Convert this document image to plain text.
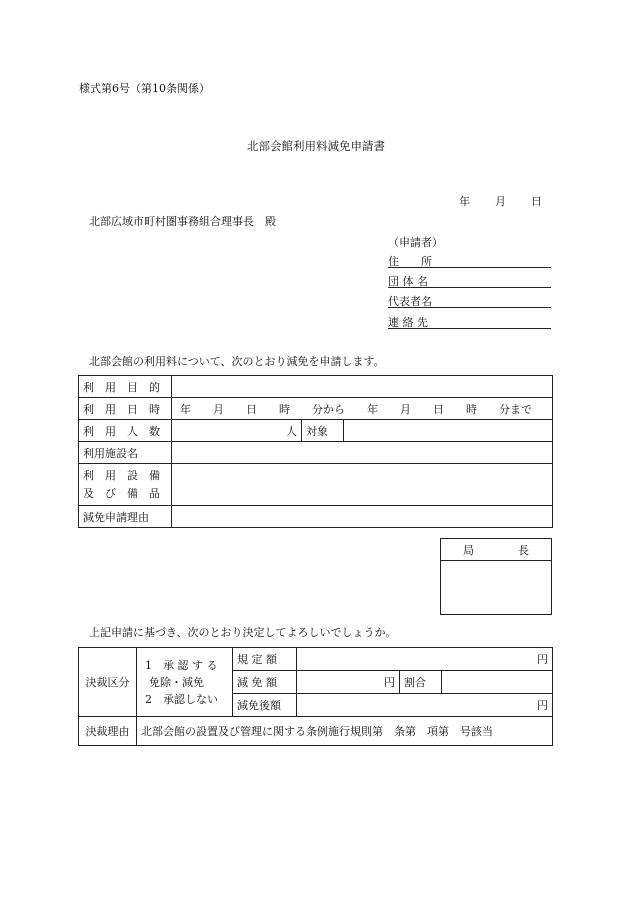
様式第6号（第10条関係）
北部会館利用料減免申請書
年 月 日
北部広域市町村圏事務組合理事長　殿
（申請者）
住　　所
団 体 名
代表者名
連 絡 先
北部会館の利用料について、次のとおり減免を申請します。
利　用　目　的			
利　用　日　時	年　　月　　日　　時　　分から　　年　　月　　日　　時　　分まで		
利　用　人　数	人	対象	
利用施設名			

利　用　設　備
及　び　備　品			

減免申請理由			
局　　　　長

上記申請に基づき、次のとおり決定してよろしいでしょうか。
決裁区分	1　承 認 す る
免除・減免
2　承認しない	規 定 額	円		
		減 免 額	円	割合	
		減免後額	円		
決裁理由	北部会館の設置及び管理に関する条例施行規則第　条第　項第　号該当				
